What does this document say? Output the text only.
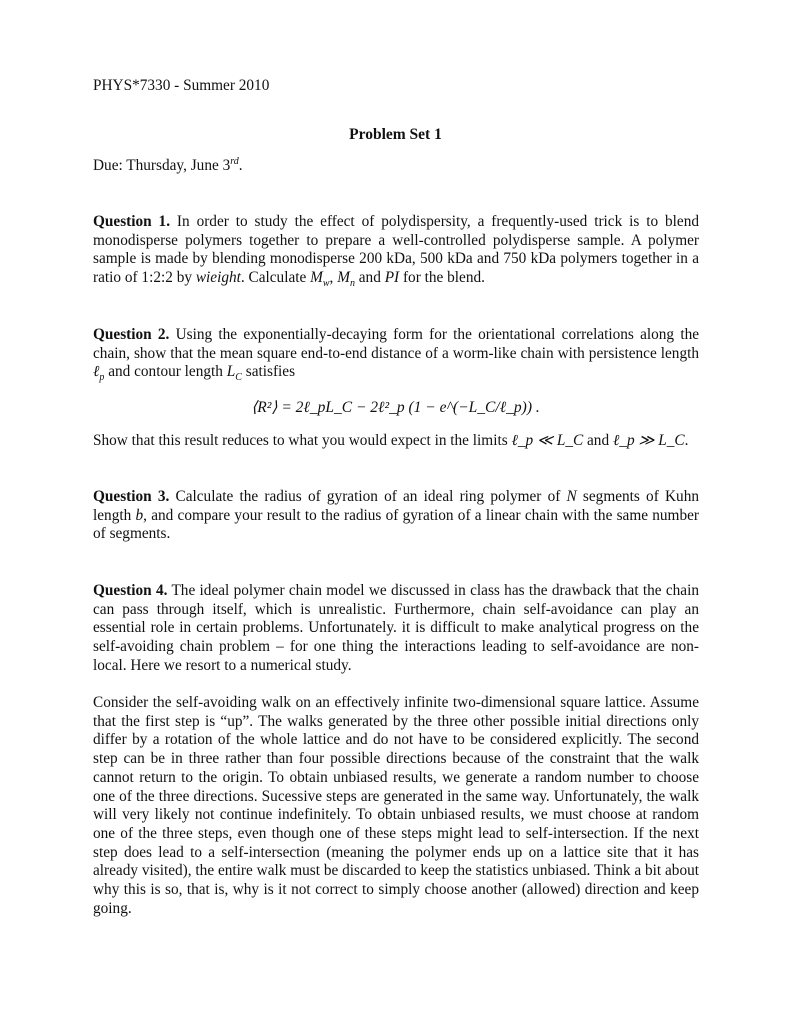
PHYS*7330 - Summer 2010
Problem Set 1
Due: Thursday, June 3rd.
Question 1. In order to study the effect of polydispersity, a frequently-used trick is to blend monodisperse polymers together to prepare a well-controlled polydisperse sample. A polymer sample is made by blending monodisperse 200 kDa, 500 kDa and 750 kDa polymers together in a ratio of 1:2:2 by wieight. Calculate $M_w$, $M_n$ and PI for the blend.
Question 2. Using the exponentially-decaying form for the orientational correlations along the chain, show that the mean square end-to-end distance of a worm-like chain with persistence length ℓ$_p$ and contour length $L_C$ satisfies
⟨R²⟩ = 2ℓ_pL_C − 2ℓ²_p (1 − e^(−L_C/ℓ_p)) .
Show that this result reduces to what you would expect in the limits ℓ_p ≪ L_C and ℓ_p ≫ L_C.
Question 3. Calculate the radius of gyration of an ideal ring polymer of N segments of Kuhn length b, and compare your result to the radius of gyration of a linear chain with the same number of segments.
Question 4. The ideal polymer chain model we discussed in class has the drawback that the chain can pass through itself, which is unrealistic. Furthermore, chain self-avoidance can play an essential role in certain problems. Unfortunately. it is difficult to make analytical progress on the self-avoiding chain problem – for one thing the interactions leading to self-avoidance are non-local. Here we resort to a numerical study.
Consider the self-avoiding walk on an effectively infinite two-dimensional square lattice. Assume that the first step is “up”. The walks generated by the three other possible initial directions only differ by a rotation of the whole lattice and do not have to be considered explicitly. The second step can be in three rather than four possible directions because of the constraint that the walk cannot return to the origin. To obtain unbiased results, we generate a random number to choose one of the three directions. Sucessive steps are generated in the same way. Unfortunately, the walk will very likely not continue indefinitely. To obtain unbiased results, we must choose at random one of the three steps, even though one of these steps might lead to self-intersection. If the next step does lead to a self-intersection (meaning the polymer ends up on a lattice site that it has already visited), the entire walk must be discarded to keep the statistics unbiased. Think a bit about why this is so, that is, why is it not correct to simply choose another (allowed) direction and keep going.
